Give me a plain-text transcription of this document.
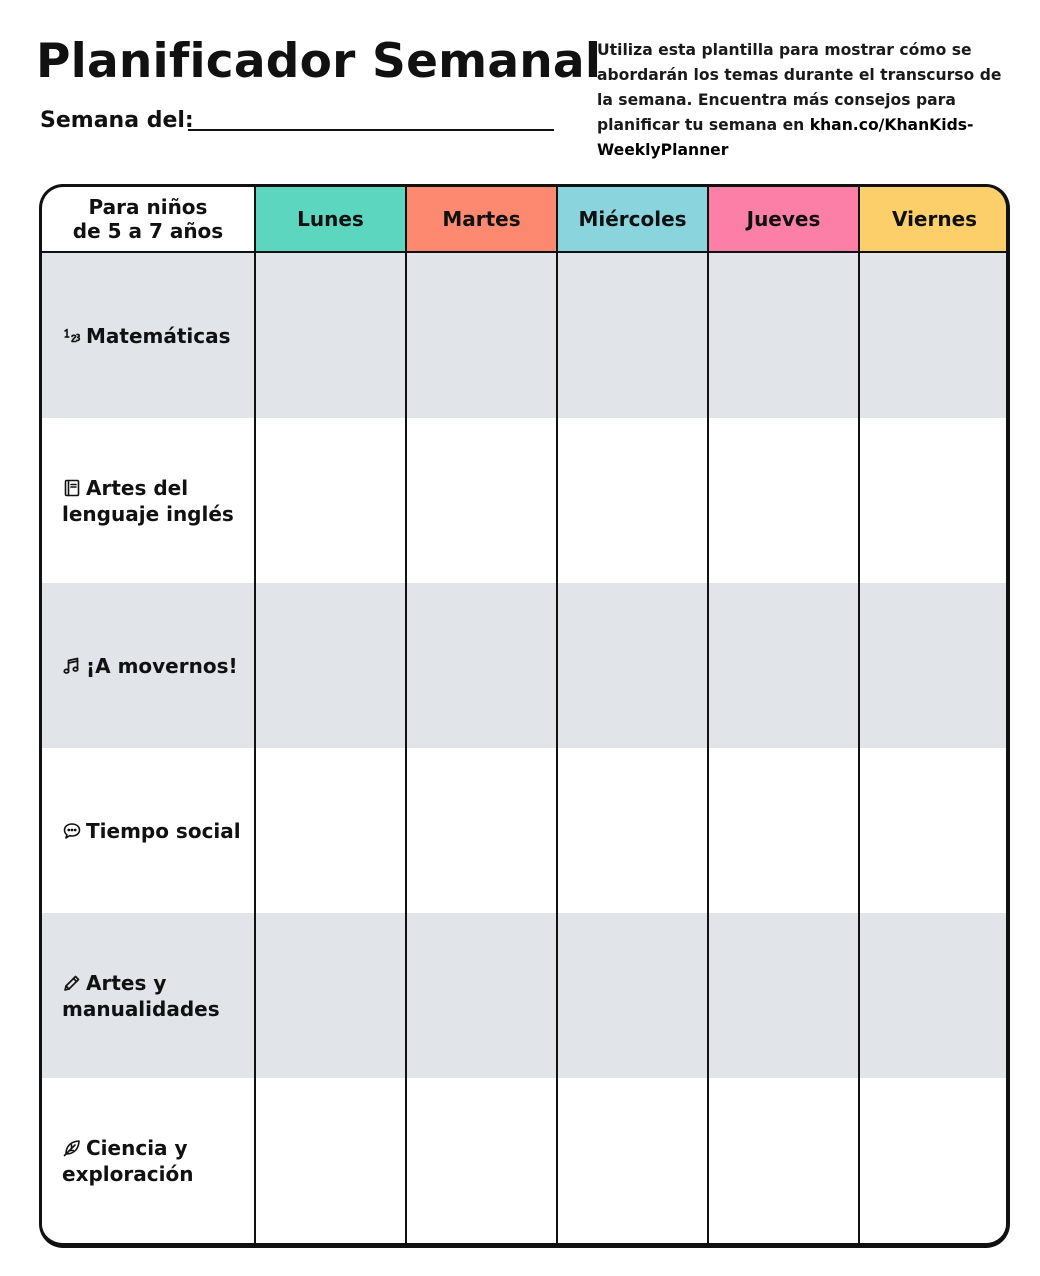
Planificador Semanal
Semana del:
Utiliza esta plantilla para mostrar cómo se abordarán los temas durante el transcurso de la semana. Encuentra más consejos para planificar tu semana en khan.co/KhanKids-WeeklyPlanner
Para niños
de 5 a 7 años	Lunes	Martes	Miércoles	Jueves	Viernes
Matemáticas
Artes del lenguaje inglés
¡A movernos!
Tiempo social
Artes y manualidades
Ciencia y exploración
